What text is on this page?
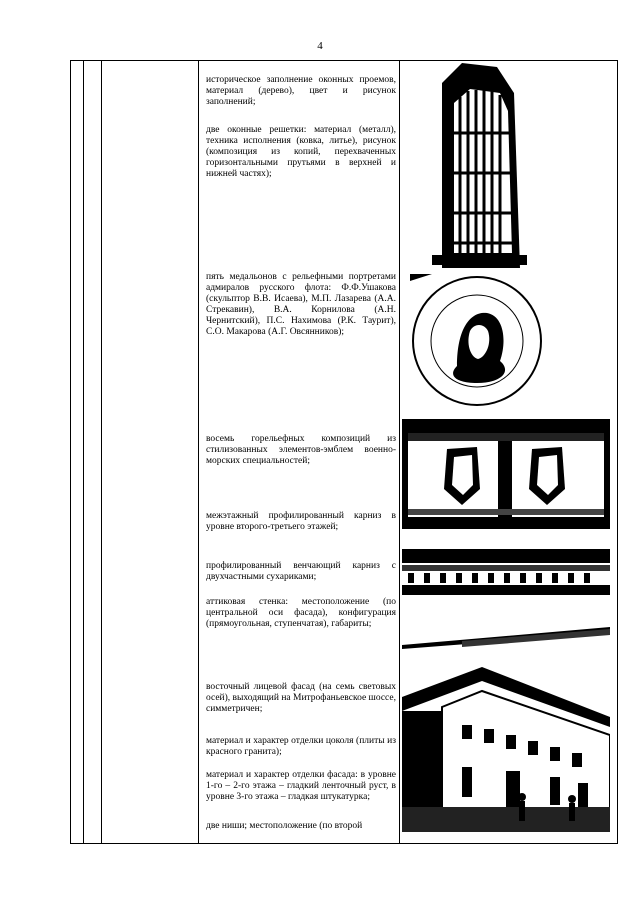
4
историческое заполнение оконных проемов, материал (дерево), цвет и рисунок заполнений;
две оконные решетки: материал (металл), техника исполнения (ковка, литье), рисунок (композиция из копий, перехваченных горизонтальными прутьями в верхней и нижней частях);
пять медальонов с рельефными портретами адмиралов русского флота: Ф.Ф.Ушакова (скульптор В.В. Исаева), М.П. Лазарева (А.А. Стрекавин), В.А. Корнилова (А.Н. Чернитский), П.С. Нахимова (Р.К. Таурит), С.О. Макарова (А.Г. Овсянников);
восемь горельефных композиций из стилизованных элементов-эмблем военно-морских специальностей;
межэтажный профилированный карниз в уровне второго-третьего этажей;
профилированный венчающий карниз с двухчастными сухариками;
аттиковая стенка: местоположение (по центральной оси фасада), конфигурация (прямоугольная, ступенчатая), габариты;
восточный лицевой фасад (на семь световых осей), выходящий на Митрофаньевское шоссе, симметричен;
материал и характер отделки цоколя (плиты из красного гранита);
материал и характер отделки фасада: в уровне 1-го – 2-го этажа – гладкий ленточный руст, в уровне 3-го этажа – гладкая штукатурка;
две ниши; местоположение (по второй
